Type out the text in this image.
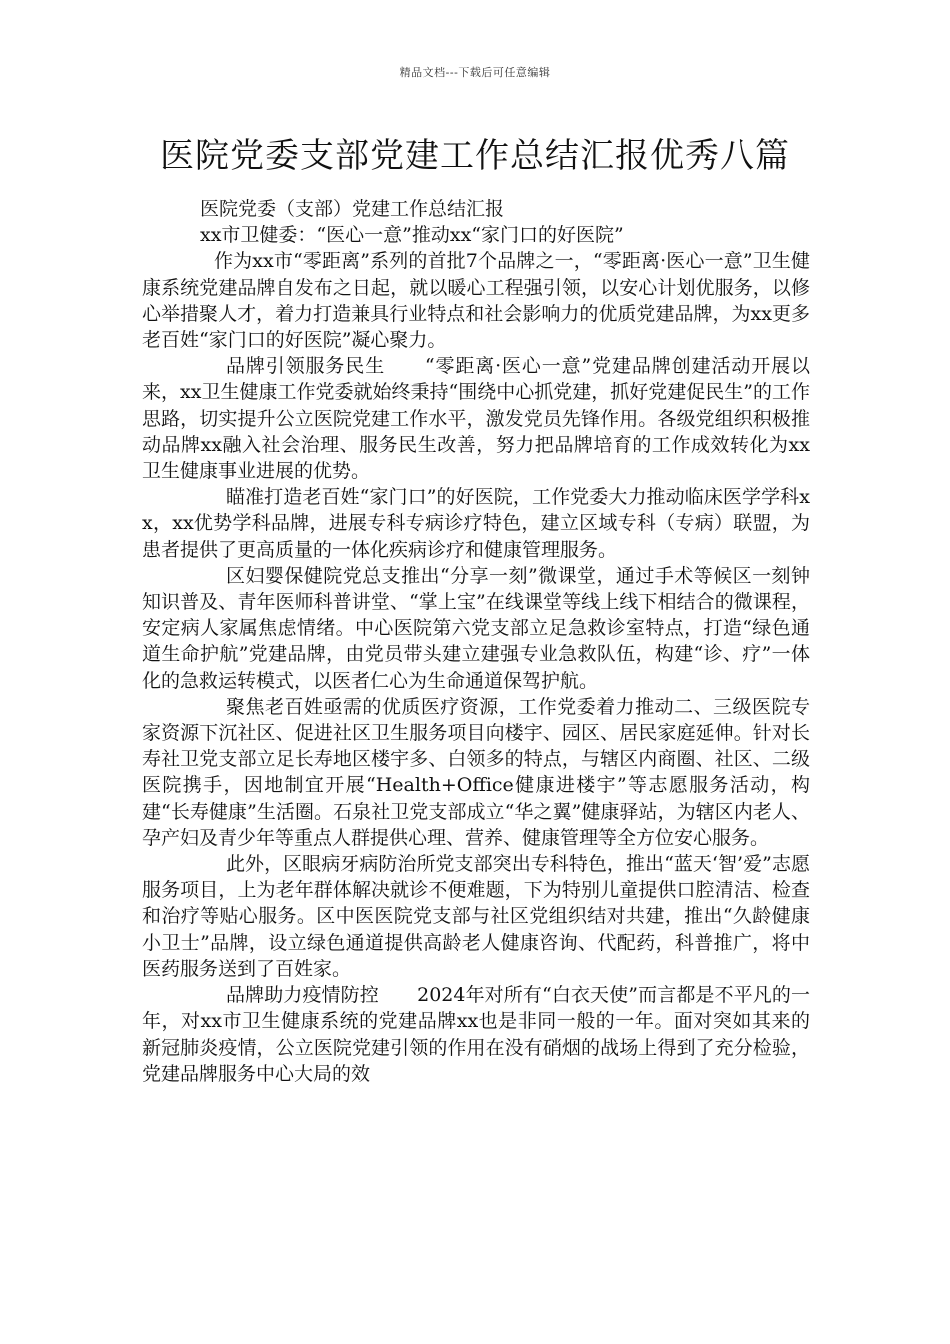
精品文档---下载后可任意编辑
医院党委支部党建工作总结汇报优秀八篇

医院党委（支部）党建工作总结汇报

xx市卫健委：“医心一意”推动xx“家门口的好医院”

作为xx市“零距离”系列的首批7个品牌之一，“零距离·医心一意”卫生健康系统党建品牌自发布之日起，就以暖心工程强引领，以安心计划优服务，以修心举措聚人才，着力打造兼具行业特点和社会影响力的优质党建品牌，为xx更多老百姓“家门口的好医院”凝心聚力。

品牌引领服务民生　　“零距离·医心一意”党建品牌创建活动开展以来，xx卫生健康工作党委就始终秉持“围绕中心抓党建，抓好党建促民生”的工作思路，切实提升公立医院党建工作水平，激发党员先锋作用。各级党组织积极推动品牌xx融入社会治理、服务民生改善，努力把品牌培育的工作成效转化为xx卫生健康事业进展的优势。

瞄准打造老百姓“家门口”的好医院，工作党委大力推动临床医学学科xx，xx优势学科品牌，进展专科专病诊疗特色，建立区域专科（专病）联盟，为患者提供了更高质量的一体化疾病诊疗和健康管理服务。

区妇婴保健院党总支推出“分享一刻”微课堂，通过手术等候区一刻钟知识普及、青年医师科普讲堂、“掌上宝”在线课堂等线上线下相结合的微课程，安定病人家属焦虑情绪。中心医院第六党支部立足急救诊室特点，打造“绿色通道生命护航”党建品牌，由党员带头建立建强专业急救队伍，构建“诊、疗”一体化的急救运转模式，以医者仁心为生命通道保驾护航。

聚焦老百姓亟需的优质医疗资源，工作党委着力推动二、三级医院专家资源下沉社区、促进社区卫生服务项目向楼宇、园区、居民家庭延伸。针对长寿社卫党支部立足长寿地区楼宇多、白领多的特点，与辖区内商圈、社区、二级医院携手，因地制宜开展“Health+Office健康进楼宇”等志愿服务活动，构建“长寿健康”生活圈。石泉社卫党支部成立“华之翼”健康驿站，为辖区内老人、孕产妇及青少年等重点人群提供心理、营养、健康管理等全方位安心服务。

此外，区眼病牙病防治所党支部突出专科特色，推出“蓝天‘智’爱”志愿服务项目，上为老年群体解决就诊不便难题，下为特别儿童提供口腔清洁、检查和治疗等贴心服务。区中医医院党支部与社区党组织结对共建，推出“久龄健康小卫士”品牌，设立绿色通道提供高龄老人健康咨询、代配药，科普推广，将中医药服务送到了百姓家。

品牌助力疫情防控　　2024年对所有“白衣天使”而言都是不平凡的一年，对xx市卫生健康系统的党建品牌xx也是非同一般的一年。面对突如其来的新冠肺炎疫情，公立医院党建引领的作用在没有硝烟的战场上得到了充分检验，党建品牌服务中心大局的效
